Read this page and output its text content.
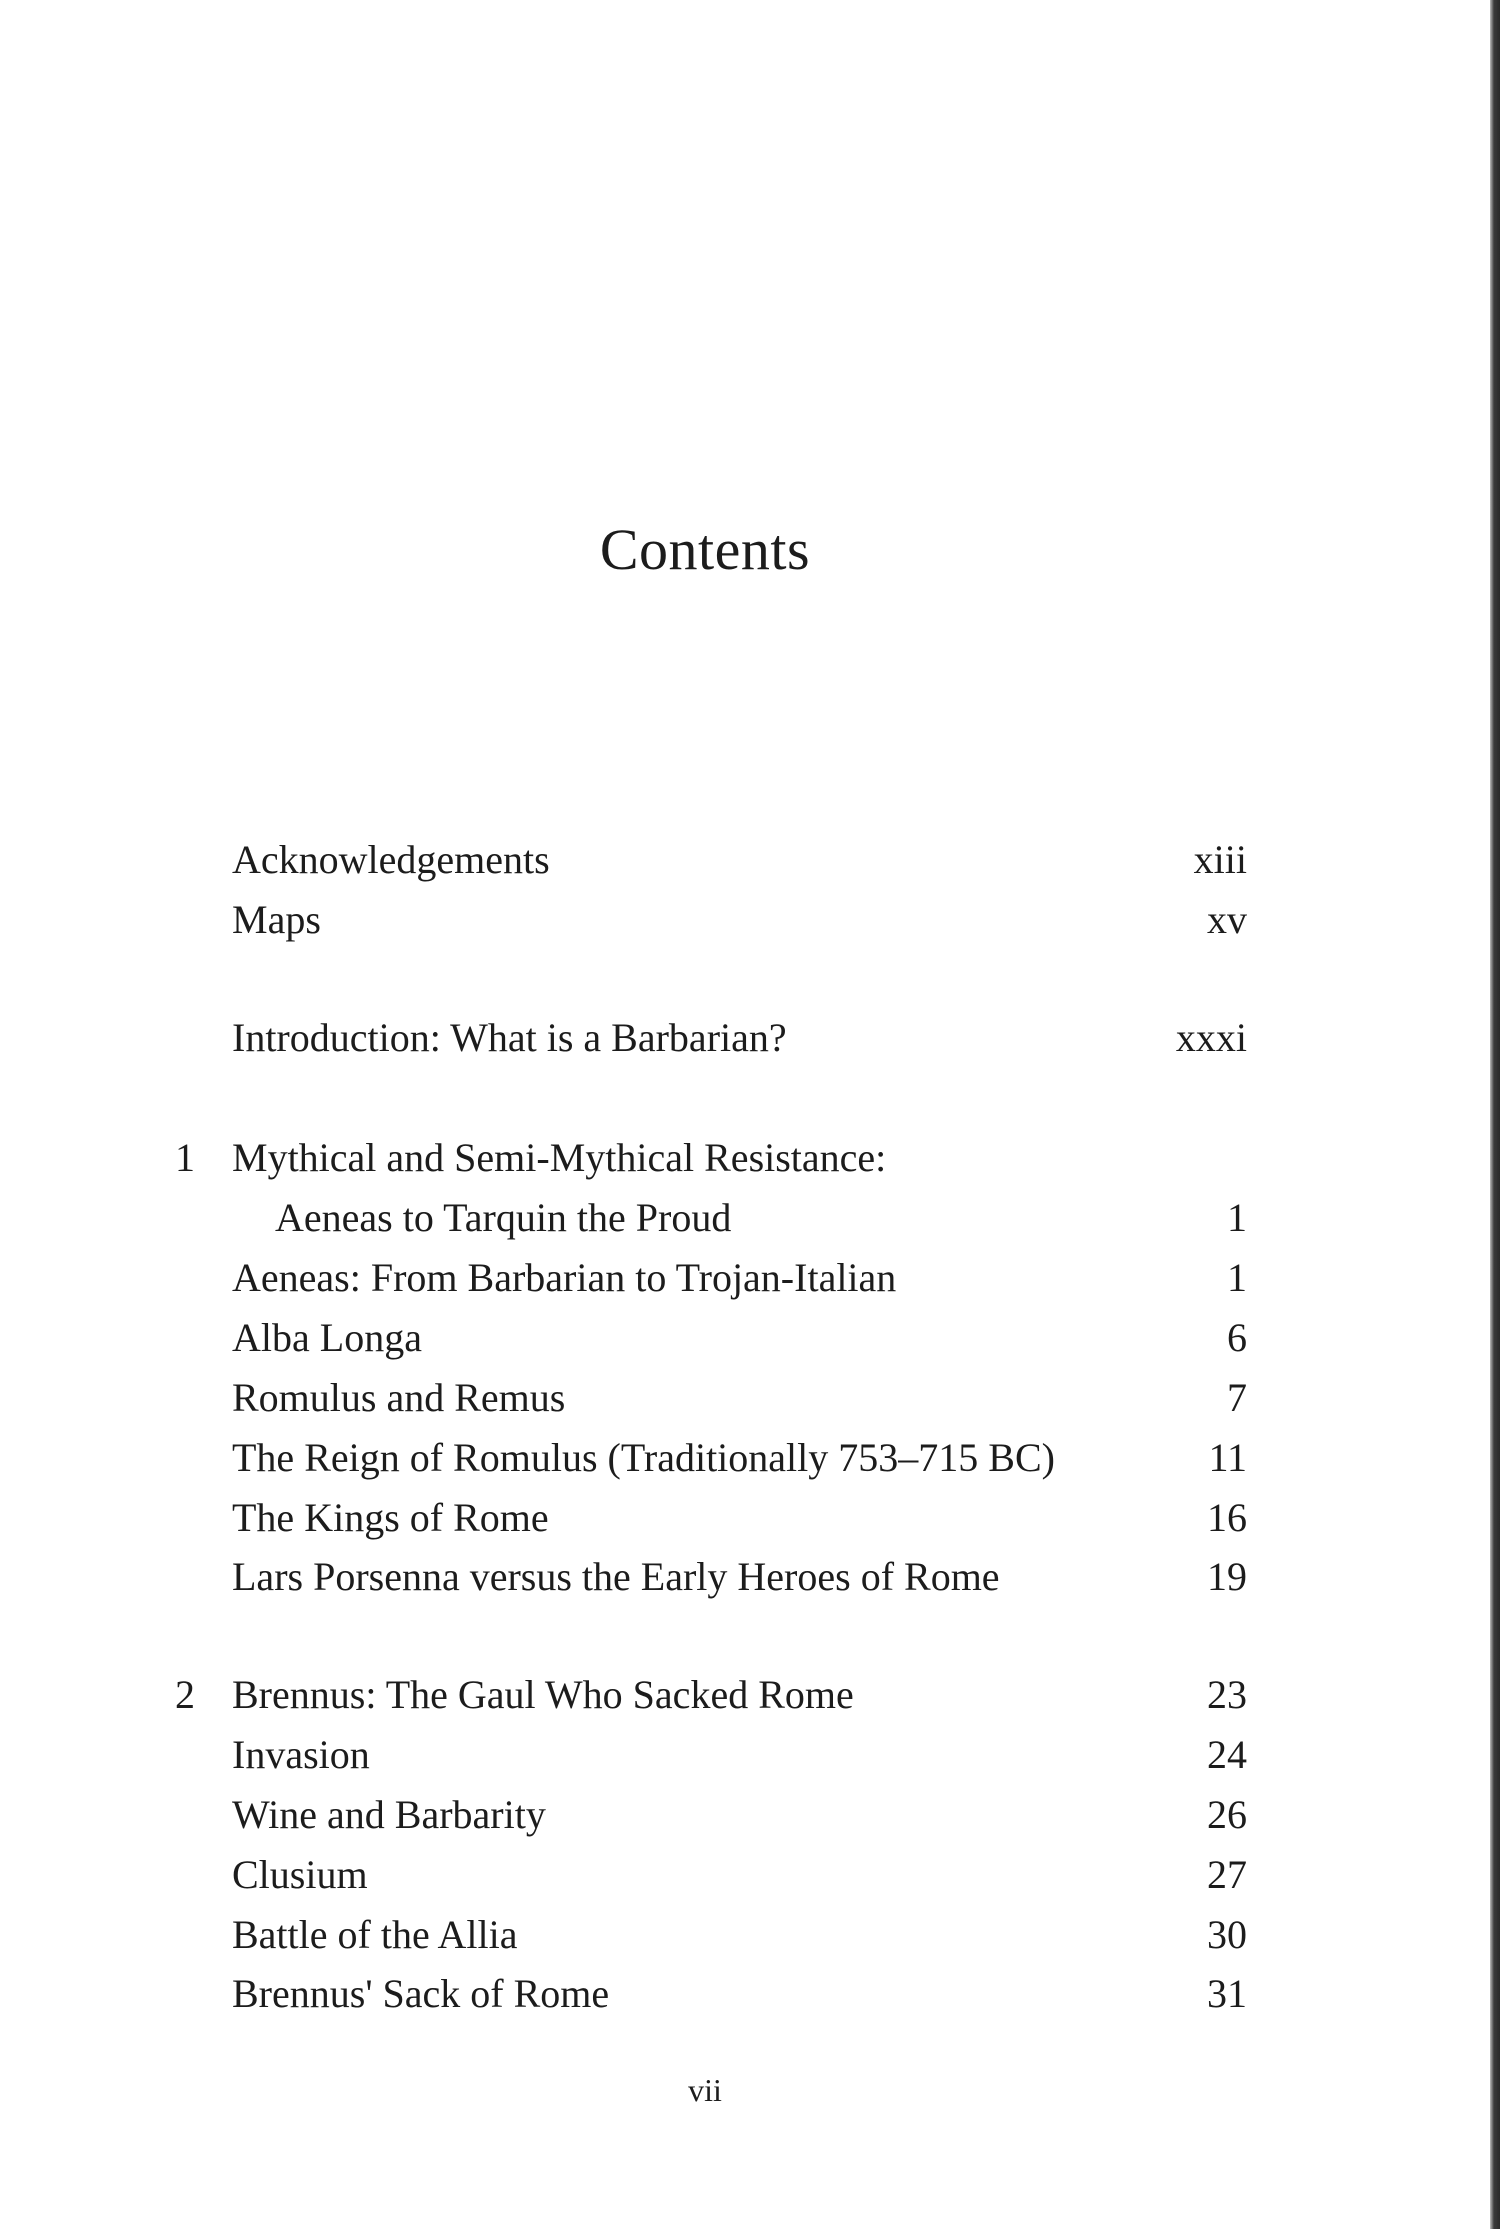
Contents
Acknowledgements	xiii
Maps	xv
Introduction: What is a Barbarian?	xxxi
1 Mythical and Semi-Mythical Resistance:
Aeneas to Tarquin the Proud	1
Aeneas: From Barbarian to Trojan-Italian	1
Alba Longa	6
Romulus and Remus	7
The Reign of Romulus (Traditionally 753–715 BC)	11
The Kings of Rome	16
Lars Porsenna versus the Early Heroes of Rome	19
2 Brennus: The Gaul Who Sacked Rome	23
Invasion	24
Wine and Barbarity	26
Clusium	27
Battle of the Allia	30
Brennus' Sack of Rome	31
vii
